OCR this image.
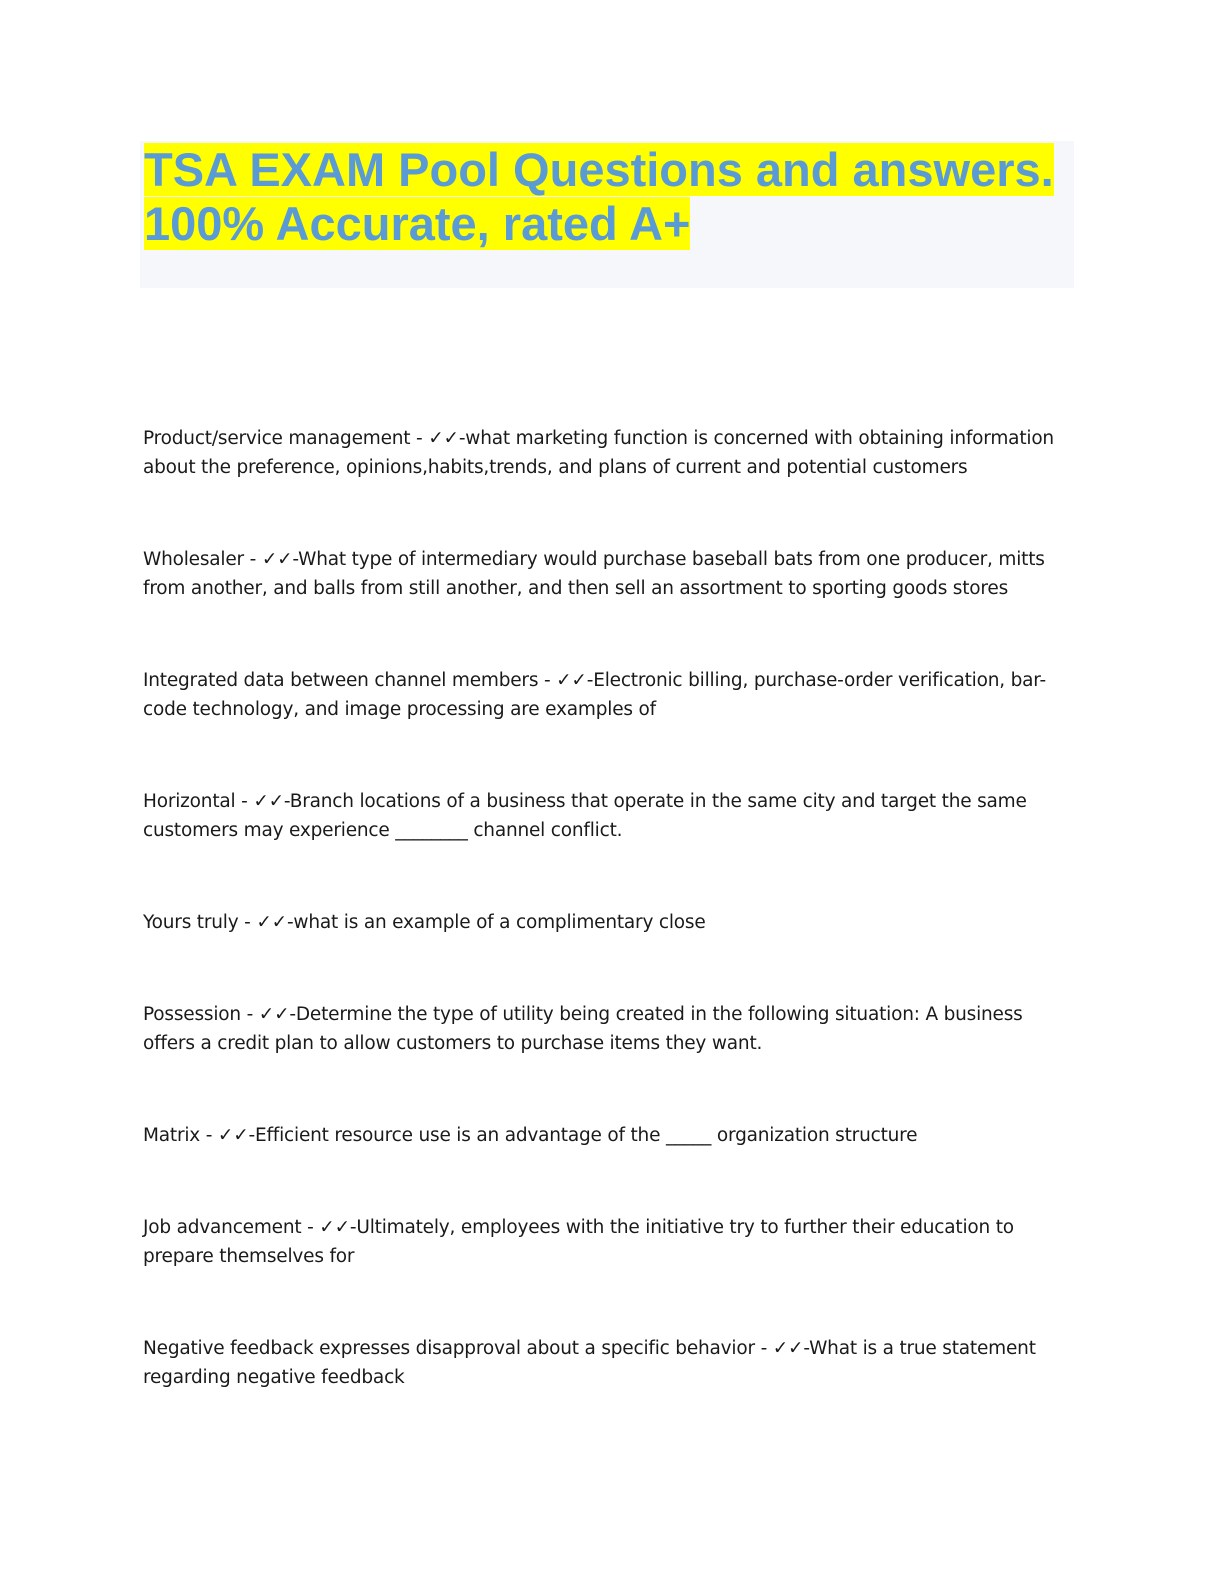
TSA EXAM Pool Questions and answers.
100% Accurate, rated A+
Product/service management - ✓✓-what marketing function is concerned with obtaining information about the preference, opinions,habits,trends, and plans of current and potential customers
Wholesaler - ✓✓-What type of intermediary would purchase baseball bats from one producer, mitts from another, and balls from still another, and then sell an assortment to sporting goods stores
Integrated data between channel members - ✓✓-Electronic billing, purchase-order verification, bar-code technology, and image processing are examples of
Horizontal - ✓✓-Branch locations of a business that operate in the same city and target the same customers may experience ________ channel conflict.
Yours truly - ✓✓-what is an example of a complimentary close
Possession - ✓✓-Determine the type of utility being created in the following situation: A business offers a credit plan to allow customers to purchase items they want.
Matrix - ✓✓-Efficient resource use is an advantage of the _____ organization structure
Job advancement - ✓✓-Ultimately, employees with the initiative try to further their education to prepare themselves for
Negative feedback expresses disapproval about a specific behavior - ✓✓-What is a true statement regarding negative feedback
